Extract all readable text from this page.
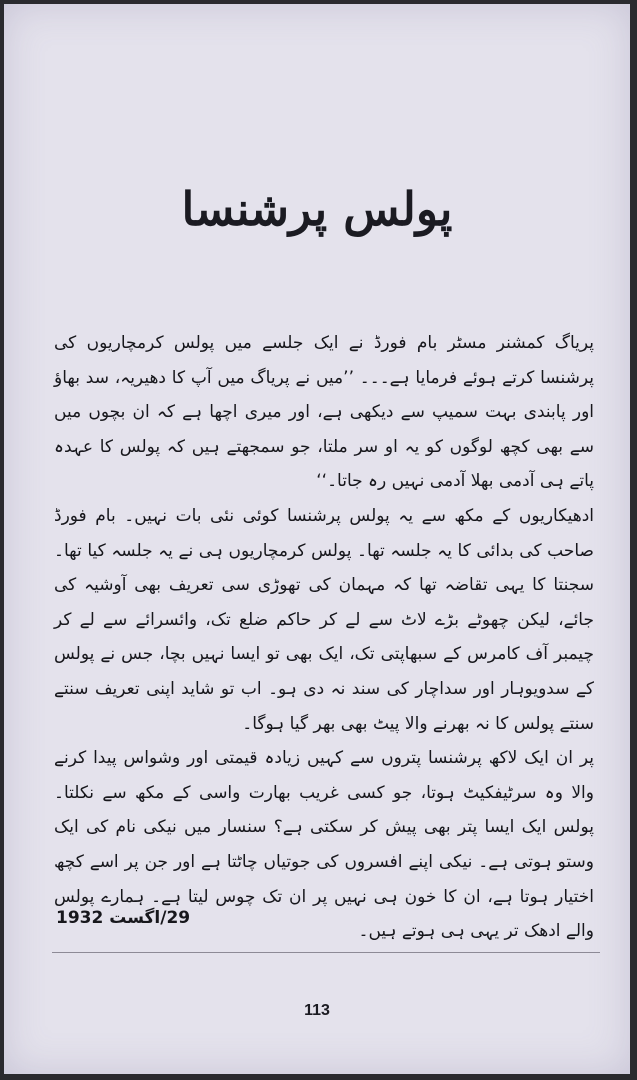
پولس پرشنسا

پریاگ کمشنر مسٹر بام فورڈ نے ایک جلسے میں پولس کرمچاریوں کی پرشنسا کرتے ہوئے فرمایا ہے۔۔۔ ’’میں نے پریاگ میں آپ کا دھیریہ، سد بھاؤ اور پابندی بہت سمیپ سے دیکھی ہے، اور میری اچھا ہے کہ ان بچوں میں سے بھی کچھ لوگوں کو یہ او سر ملتا، جو سمجھتے ہیں کہ پولس کا عہدہ پاتے ہی آدمی بھلا آدمی نہیں رہ جاتا۔‘‘

ادھیکاریوں کے مکھ سے یہ پولس پرشنسا کوئی نئی بات نہیں۔ بام فورڈ صاحب کی بدائی کا یہ جلسہ تھا۔ پولس کرمچاریوں ہی نے یہ جلسہ کیا تھا۔ سجنتا کا یہی تقاضہ تھا کہ مہمان کی تھوڑی سی تعریف بھی آوشیہ کی جائے، لیکن چھوٹے بڑے لاٹ سے لے کر حاکم ضلع تک، وائسرائے سے لے کر چیمبر آف کامرس کے سبھاپتی تک، ایک بھی تو ایسا نہیں بچا، جس نے پولس کے سدویوہار اور سداچار کی سند نہ دی ہو۔ اب تو شاید اپنی تعریف سنتے سنتے پولس کا نہ بھرنے والا پیٹ بھی بھر گیا ہوگا۔

پر ان ایک لاکھ پرشنسا پتروں سے کہیں زیادہ قیمتی اور وشواس پیدا کرنے والا وہ سرٹیفکیٹ ہوتا، جو کسی غریب بھارت واسی کے مکھ سے نکلتا۔ پولس ایک ایسا پتر بھی پیش کر سکتی ہے؟ سنسار میں نیکی نام کی ایک وستو ہوتی ہے۔ نیکی اپنے افسروں کی جوتیاں چاٹتا ہے اور جن پر اسے کچھ اختیار ہوتا ہے، ان کا خون ہی نہیں پر ان تک چوس لیتا ہے۔ ہمارے پولس والے ادھک تر یہی ہی ہوتے ہیں۔

29/اگست 1932
113
